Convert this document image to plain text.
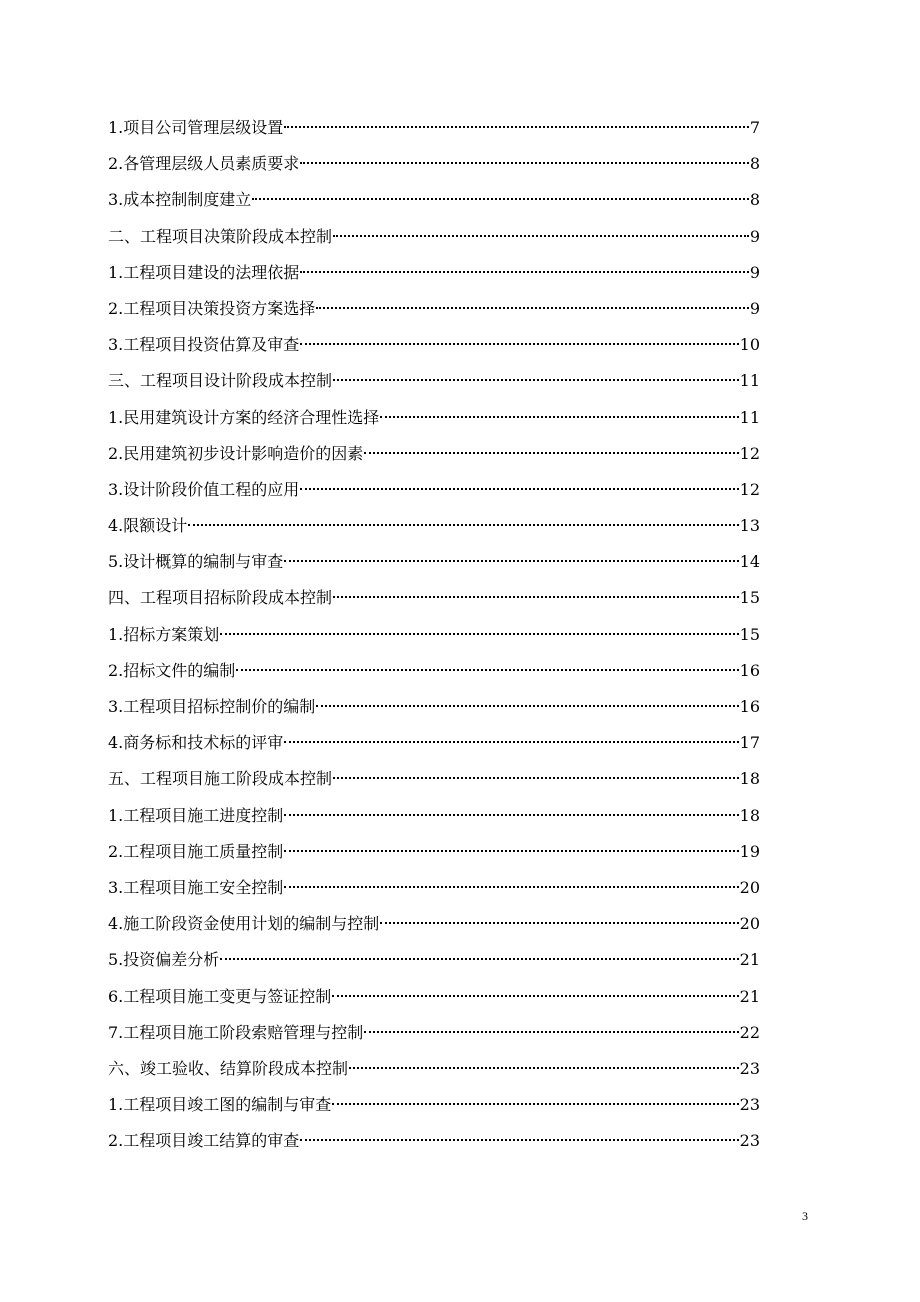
1.项目公司管理层级设置	7
2.各管理层级人员素质要求	8
3.成本控制制度建立	8
二、工程项目决策阶段成本控制	9
1.工程项目建设的法理依据	9
2.工程项目决策投资方案选择	9
3.工程项目投资估算及审查	10
三、工程项目设计阶段成本控制	11
1.民用建筑设计方案的经济合理性选择	11
2.民用建筑初步设计影响造价的因素	12
3.设计阶段价值工程的应用	12
4.限额设计	13
5.设计概算的编制与审查	14
四、工程项目招标阶段成本控制	15
1.招标方案策划	15
2.招标文件的编制	16
3.工程项目招标控制价的编制	16
4.商务标和技术标的评审	17
五、工程项目施工阶段成本控制	18
1.工程项目施工进度控制	18
2.工程项目施工质量控制	19
3.工程项目施工安全控制	20
4.施工阶段资金使用计划的编制与控制	20
5.投资偏差分析	21
6.工程项目施工变更与签证控制	21
7.工程项目施工阶段索赔管理与控制	22
六、竣工验收、结算阶段成本控制	23
1.工程项目竣工图的编制与审查	23
2.工程项目竣工结算的审查	23
3
